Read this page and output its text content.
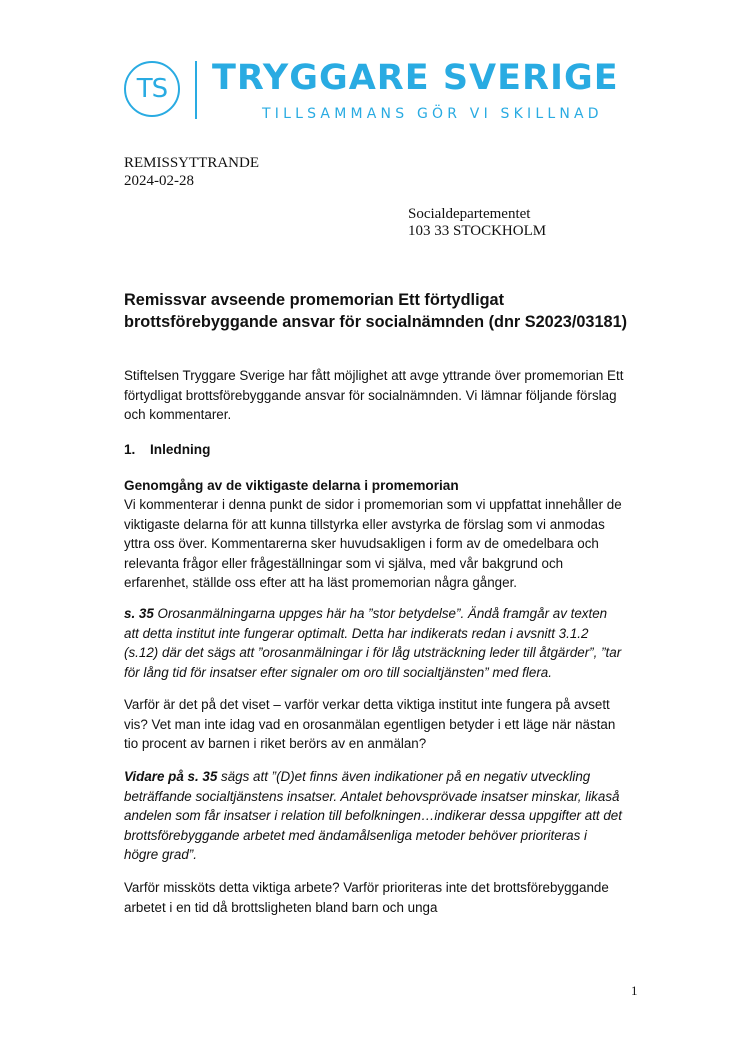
TS	TRYGGARE SVERIGE
TILLSAMMANS GÖR VI SKILLNAD
REMISSYTTRANDE
2024-02-28
Socialdepartementet
103 33 STOCKHOLM
Remissvar avseende promemorian Ett förtydligat
brottsförebyggande ansvar för socialnämnden (dnr S2023/03181)
Stiftelsen Tryggare Sverige har fått möjlighet att avge yttrande över promemorian Ett förtydligat brottsförebyggande ansvar för socialnämnden. Vi lämnar följande förslag och kommentarer.
1. Inledning
Genomgång av de viktigaste delarna i promemorian
Vi kommenterar i denna punkt de sidor i promemorian som vi uppfattat innehåller de viktigaste delarna för att kunna tillstyrka eller avstyrka de förslag som vi anmodas yttra oss över. Kommentarerna sker huvudsakligen i form av de omedelbara och relevanta frågor eller frågeställningar som vi själva, med vår bakgrund och erfarenhet, ställde oss efter att ha läst promemorian några gånger.
s. 35 Orosanmälningarna uppges här ha ”stor betydelse”. Ändå framgår av texten att detta institut inte fungerar optimalt. Detta har indikerats redan i avsnitt 3.1.2 (s.12) där det sägs att ”orosanmälningar i för låg utsträckning leder till åtgärder”, ”tar för lång tid för insatser efter signaler om oro till socialtjänsten” med flera.
Varför är det på det viset – varför verkar detta viktiga institut inte fungera på avsett vis? Vet man inte idag vad en orosanmälan egentligen betyder i ett läge när nästan tio procent av barnen i riket berörs av en anmälan?
Vidare på s. 35 sägs att ”(D)et finns även indikationer på en negativ utveckling beträffande socialtjänstens insatser. Antalet behovsprövade insatser minskar, likaså andelen som får insatser i relation till befolkningen…indikerar dessa uppgifter att det brottsförebyggande arbetet med ändamålsenliga metoder behöver prioriteras i högre grad”.
Varför missköts detta viktiga arbete? Varför prioriteras inte det brottsförebyggande arbetet i en tid då brottsligheten bland barn och unga
1
